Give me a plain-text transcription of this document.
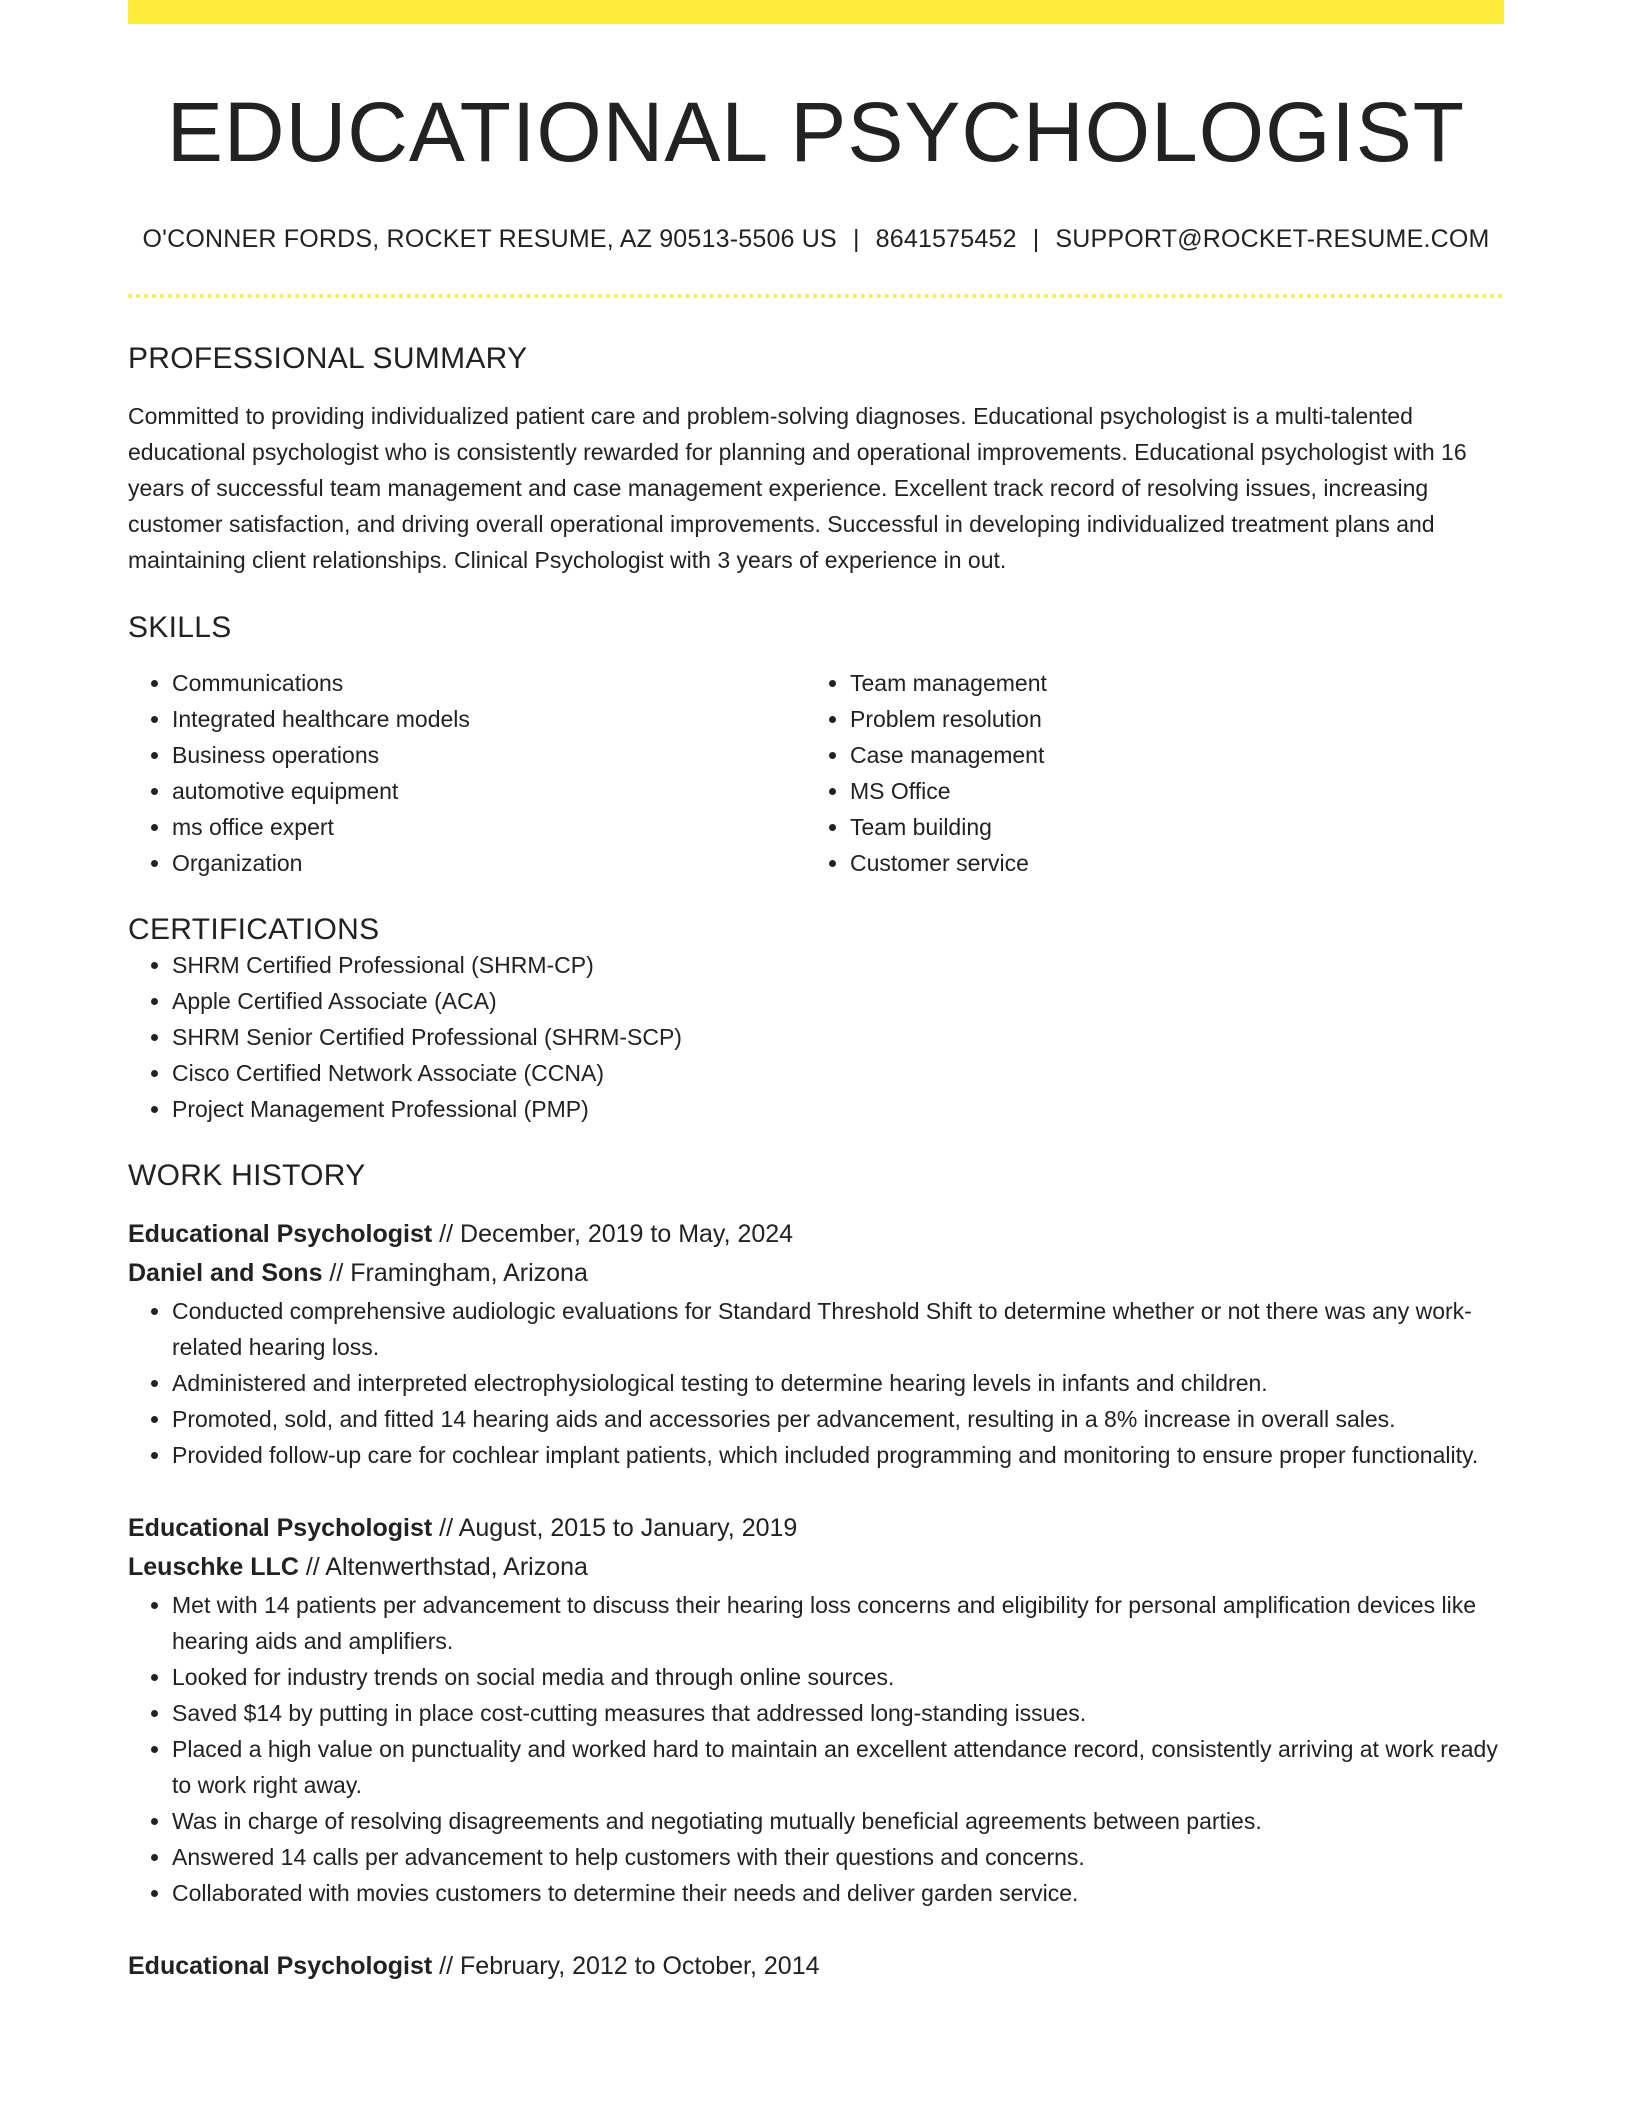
EDUCATIONAL PSYCHOLOGIST
O'CONNER FORDS, ROCKET RESUME, AZ 90513-5506 US | 8641575452 | SUPPORT@ROCKET-RESUME.COM
PROFESSIONAL SUMMARY

Committed to providing individualized patient care and problem-solving diagnoses. Educational psychologist is a multi-talented educational psychologist who is consistently rewarded for planning and operational improvements. Educational psychologist with 16 years of successful team management and case management experience. Excellent track record of resolving issues, increasing customer satisfaction, and driving overall operational improvements. Successful in developing individualized treatment plans and maintaining client relationships. Clinical Psychologist with 3 years of experience in out.

SKILLS
• Communications
• Integrated healthcare models
• Business operations
• automotive equipment
• ms office expert
• Organization
• Team management
• Problem resolution
• Case management
• MS Office
• Team building
• Customer service
CERTIFICATIONS
• SHRM Certified Professional (SHRM-CP)
• Apple Certified Associate (ACA)
• SHRM Senior Certified Professional (SHRM-SCP)
• Cisco Certified Network Associate (CCNA)
• Project Management Professional (PMP)
WORK HISTORY
Educational Psychologist // December, 2019 to May, 2024
Daniel and Sons // Framingham, Arizona
• Conducted comprehensive audiologic evaluations for Standard Threshold Shift to determine whether or not there was any work-related hearing loss.
• Administered and interpreted electrophysiological testing to determine hearing levels in infants and children.
• Promoted, sold, and fitted 14 hearing aids and accessories per advancement, resulting in a 8% increase in overall sales.
• Provided follow-up care for cochlear implant patients, which included programming and monitoring to ensure proper functionality.
Educational Psychologist // August, 2015 to January, 2019
Leuschke LLC // Altenwerthstad, Arizona
• Met with 14 patients per advancement to discuss their hearing loss concerns and eligibility for personal amplification devices like hearing aids and amplifiers.
• Looked for industry trends on social media and through online sources.
• Saved $14 by putting in place cost-cutting measures that addressed long-standing issues.
• Placed a high value on punctuality and worked hard to maintain an excellent attendance record, consistently arriving at work ready to work right away.
• Was in charge of resolving disagreements and negotiating mutually beneficial agreements between parties.
• Answered 14 calls per advancement to help customers with their questions and concerns.
• Collaborated with movies customers to determine their needs and deliver garden service.
Educational Psychologist // February, 2012 to October, 2014
